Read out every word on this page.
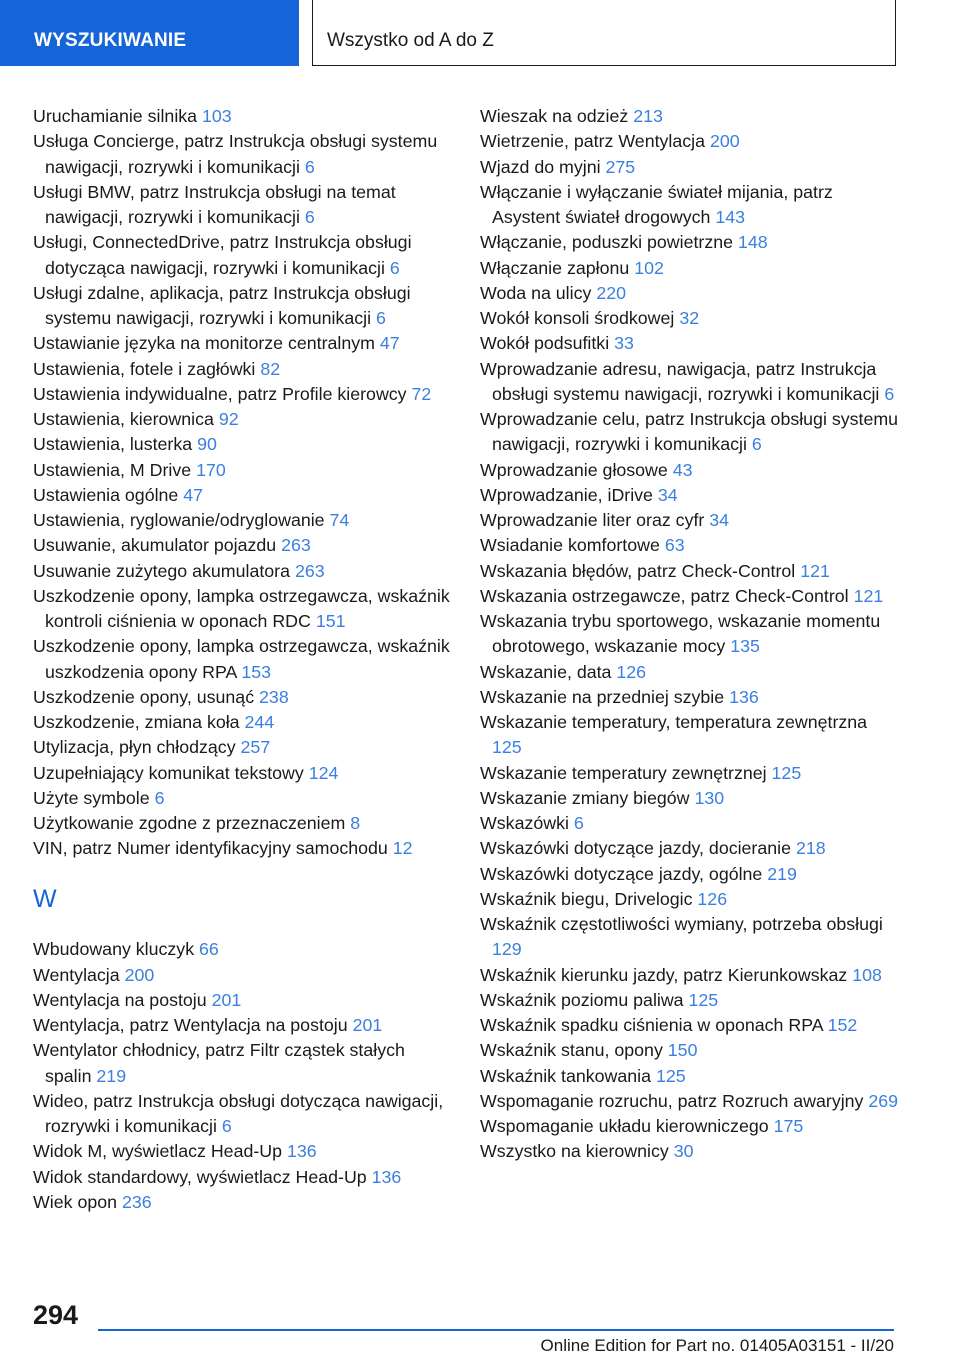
WYSZUKIWANIE	Wszystko od A do Z
Uruchamianie silnika 103
Usługa Concierge, patrz Instrukcja obsługi systemu nawigacji, rozrywki i komunikacji 6
Usługi BMW, patrz Instrukcja obsługi na temat nawigacji, rozrywki i komunikacji 6
Usługi, ConnectedDrive, patrz Instrukcja obsługi dotycząca nawigacji, rozrywki i komunikacji 6
Usługi zdalne, aplikacja, patrz Instrukcja obsługi systemu nawigacji, rozrywki i komunikacji 6
Ustawianie języka na monitorze centralnym 47
Ustawienia, fotele i zagłówki 82
Ustawienia indywidualne, patrz Profile kierowcy 72
Ustawienia, kierownica 92
Ustawienia, lusterka 90
Ustawienia, M Drive 170
Ustawienia ogólne 47
Ustawienia, ryglowanie/odryglowanie 74
Usuwanie, akumulator pojazdu 263
Usuwanie zużytego akumulatora 263
Uszkodzenie opony, lampka ostrzegawcza, wskaźnik kontroli ciśnienia w oponach RDC 151
Uszkodzenie opony, lampka ostrzegawcza, wskaźnik uszkodzenia opony RPA 153
Uszkodzenie opony, usunąć 238
Uszkodzenie, zmiana koła 244
Utylizacja, płyn chłodzący 257
Uzupełniający komunikat tekstowy 124
Użyte symbole 6
Użytkowanie zgodne z przeznaczeniem 8
VIN, patrz Numer identyfikacyjny samochodu 12
W
Wbudowany kluczyk 66
Wentylacja 200
Wentylacja na postoju 201
Wentylacja, patrz Wentylacja na postoju 201
Wentylator chłodnicy, patrz Filtr cząstek stałych spalin 219
Wideo, patrz Instrukcja obsługi dotycząca nawigacji, rozrywki i komunikacji 6
Widok M, wyświetlacz Head-Up 136
Widok standardowy, wyświetlacz Head-Up 136
Wiek opon 236
Wieszak na odzież 213
Wietrzenie, patrz Wentylacja 200
Wjazd do myjni 275
Włączanie i wyłączanie świateł mijania, patrz Asystent świateł drogowych 143
Włączanie, poduszki powietrzne 148
Włączanie zapłonu 102
Woda na ulicy 220
Wokół konsoli środkowej 32
Wokół podsufitki 33
Wprowadzanie adresu, nawigacja, patrz Instrukcja obsługi systemu nawigacji, rozrywki i komunikacji 6
Wprowadzanie celu, patrz Instrukcja obsługi systemu nawigacji, rozrywki i komunikacji 6
Wprowadzanie głosowe 43
Wprowadzanie, iDrive 34
Wprowadzanie liter oraz cyfr 34
Wsiadanie komfortowe 63
Wskazania błędów, patrz Check-Control 121
Wskazania ostrzegawcze, patrz Check-Control 121
Wskazania trybu sportowego, wskazanie momentu obrotowego, wskazanie mocy 135
Wskazanie, data 126
Wskazanie na przedniej szybie 136
Wskazanie temperatury, temperatura zewnętrzna 125
Wskazanie temperatury zewnętrznej 125
Wskazanie zmiany biegów 130
Wskazówki 6
Wskazówki dotyczące jazdy, docieranie 218
Wskazówki dotyczące jazdy, ogólne 219
Wskaźnik biegu, Drivelogic 126
Wskaźnik częstotliwości wymiany, potrzeba obsługi 129
Wskaźnik kierunku jazdy, patrz Kierunkowskaz 108
Wskaźnik poziomu paliwa 125
Wskaźnik spadku ciśnienia w oponach RPA 152
Wskaźnik stanu, opony 150
Wskaźnik tankowania 125
Wspomaganie rozruchu, patrz Rozruch awaryjny 269
Wspomaganie układu kierowniczego 175
Wszystko na kierownicy 30
294
Online Edition for Part no. 01405A03151 - II/20
